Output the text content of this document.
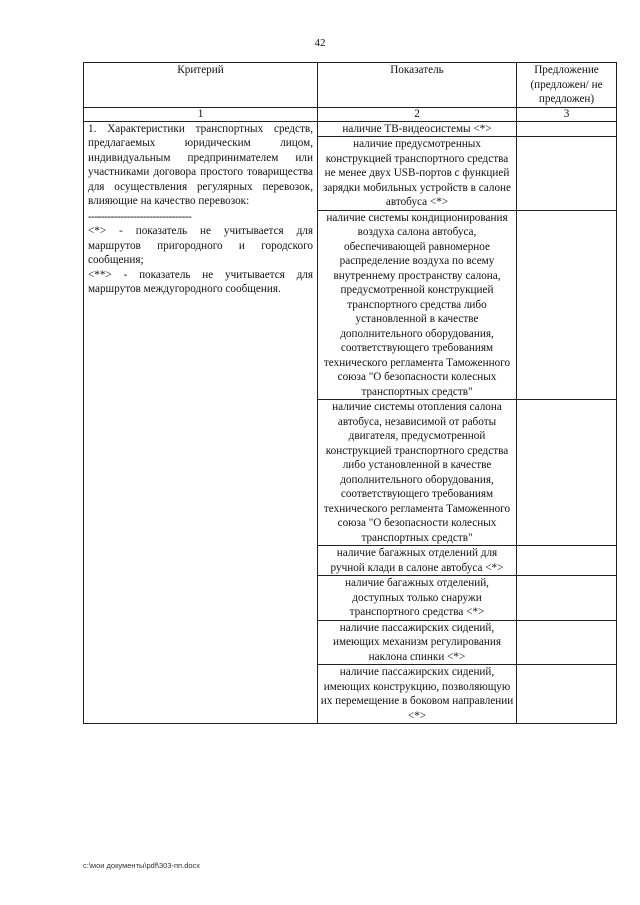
42
Критерий	Показатель	Предложение (предложен/ не предложен)
1	2	3

1. Характеристики транспортных средств, предлагаемых юридическим лицом, индивидуальным предпринимателем или участниками договора простого товарищества для осуществления регулярных перевозок, влияющие на качество перевозок:
--------------------------------
<*> - показатель не учитывается для маршрутов пригородного и городского сообщения;
<**> - показатель не учитывается для маршрутов междугородного сообщения.	наличие ТВ-видеосистемы <*>	
	наличие предусмотренных конструкцией транспортного средства не менее двух USB-портов с функцией зарядки мобильных устройств в салоне автобуса <*>	
	наличие системы кондиционирования воздуха салона автобуса, обеспечивающей равномерное распределение воздуха по всему внутреннему пространству салона, предусмотренной конструкцией транспортного средства либо установленной в качестве дополнительного оборудования, соответствующего требованиям технического регламента Таможенного союза "О безопасности колесных транспортных средств"	
	наличие системы отопления салона автобуса, независимой от работы двигателя, предусмотренной конструкцией транспортного средства либо установленной в качестве дополнительного оборудования, соответствующего требованиям технического регламента Таможенного союза "О безопасности колесных транспортных средств"	
	наличие багажных отделений для ручной клади в салоне автобуса <*>	
	наличие багажных отделений, доступных только снаружи транспортного средства <*>	
	наличие пассажирских сидений, имеющих механизм регулирования наклона спинки <*>	
	наличие пассажирских сидений, имеющих конструкцию, позволяющую их перемещение в боковом направлении <*>	
c:\мои документы\pdf\303-пп.docx
